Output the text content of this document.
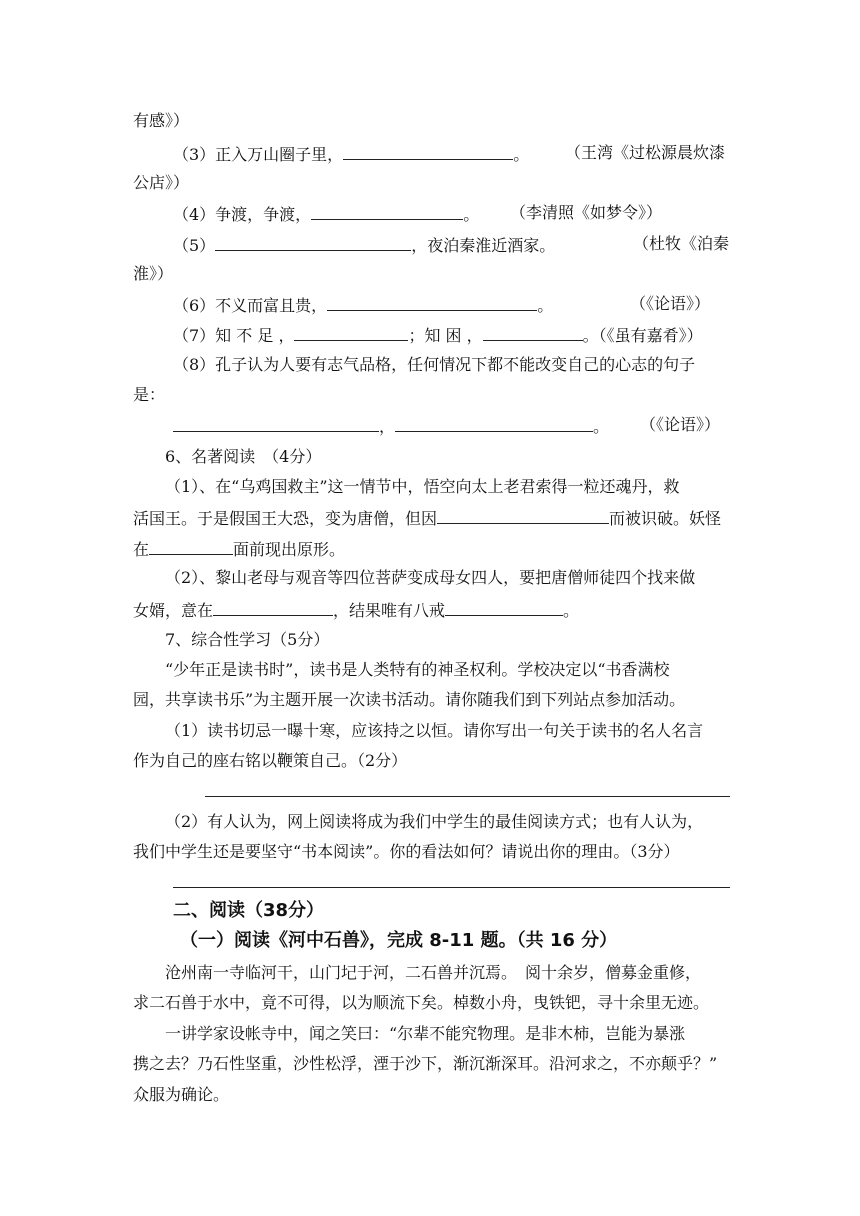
有感》）
（3）正入万山圈子里，	。 （王湾《过松源晨炊漆
公店》）
（4）争渡，争渡，	。 （李清照《如梦令》）
（5）	，夜泊秦淮近酒家。	（杜牧《泊秦
淮》）
（6）不义而富且贵，	。	（《论语》）
（7）知 不 足 ，	；知 困 ，	。（《虽有嘉肴》）
（8）孔子认为人要有志气品格，任何情况下都不能改变自己的心志的句子
是：
，	。 （《论语》）
6、名著阅读　（4分）
（1）、在“乌鸡国救主”这一情节中，悟空向太上老君索得一粒还魂丹，救
活国王。于是假国王大恐，变为唐僧，但因	而被识破。妖怪
在	面前现出原形。
（2）、黎山老母与观音等四位菩萨变成母女四人，要把唐僧师徒四个找来做
女婿，意在	，结果唯有八戒	。
7、综合性学习（5分）
“少年正是读书时”，读书是人类特有的神圣权利。学校决定以“书香满校
园，共享读书乐”为主题开展一次读书活动。请你随我们到下列站点参加活动。
（1）读书切忌一曝十寒，应该持之以恒。请你写出一句关于读书的名人名言
作为自己的座右铭以鞭策自己。（2分）
（2）有人认为，网上阅读将成为我们中学生的最佳阅读方式；也有人认为，
我们中学生还是要坚守“书本阅读”。你的看法如何？请说出你的理由。（3分）
二、阅读（38分）
（一）阅读《河中石兽》，完成 8-11 题。（共 16 分）
沧州南一寺临河干，山门圮于河，二石兽并沉焉。　阅十余岁，僧募金重修，
求二石兽于水中，竟不可得，以为顺流下矣。棹数小舟，曳铁钯，寻十余里无迹。
一讲学家设帐寺中，闻之笑曰：“尔辈不能究物理。是非木柿，岂能为暴涨
携之去？乃石性坚重，沙性松浮，湮于沙下，渐沉渐深耳。沿河求之，不亦颠乎？”
众服为确论。
